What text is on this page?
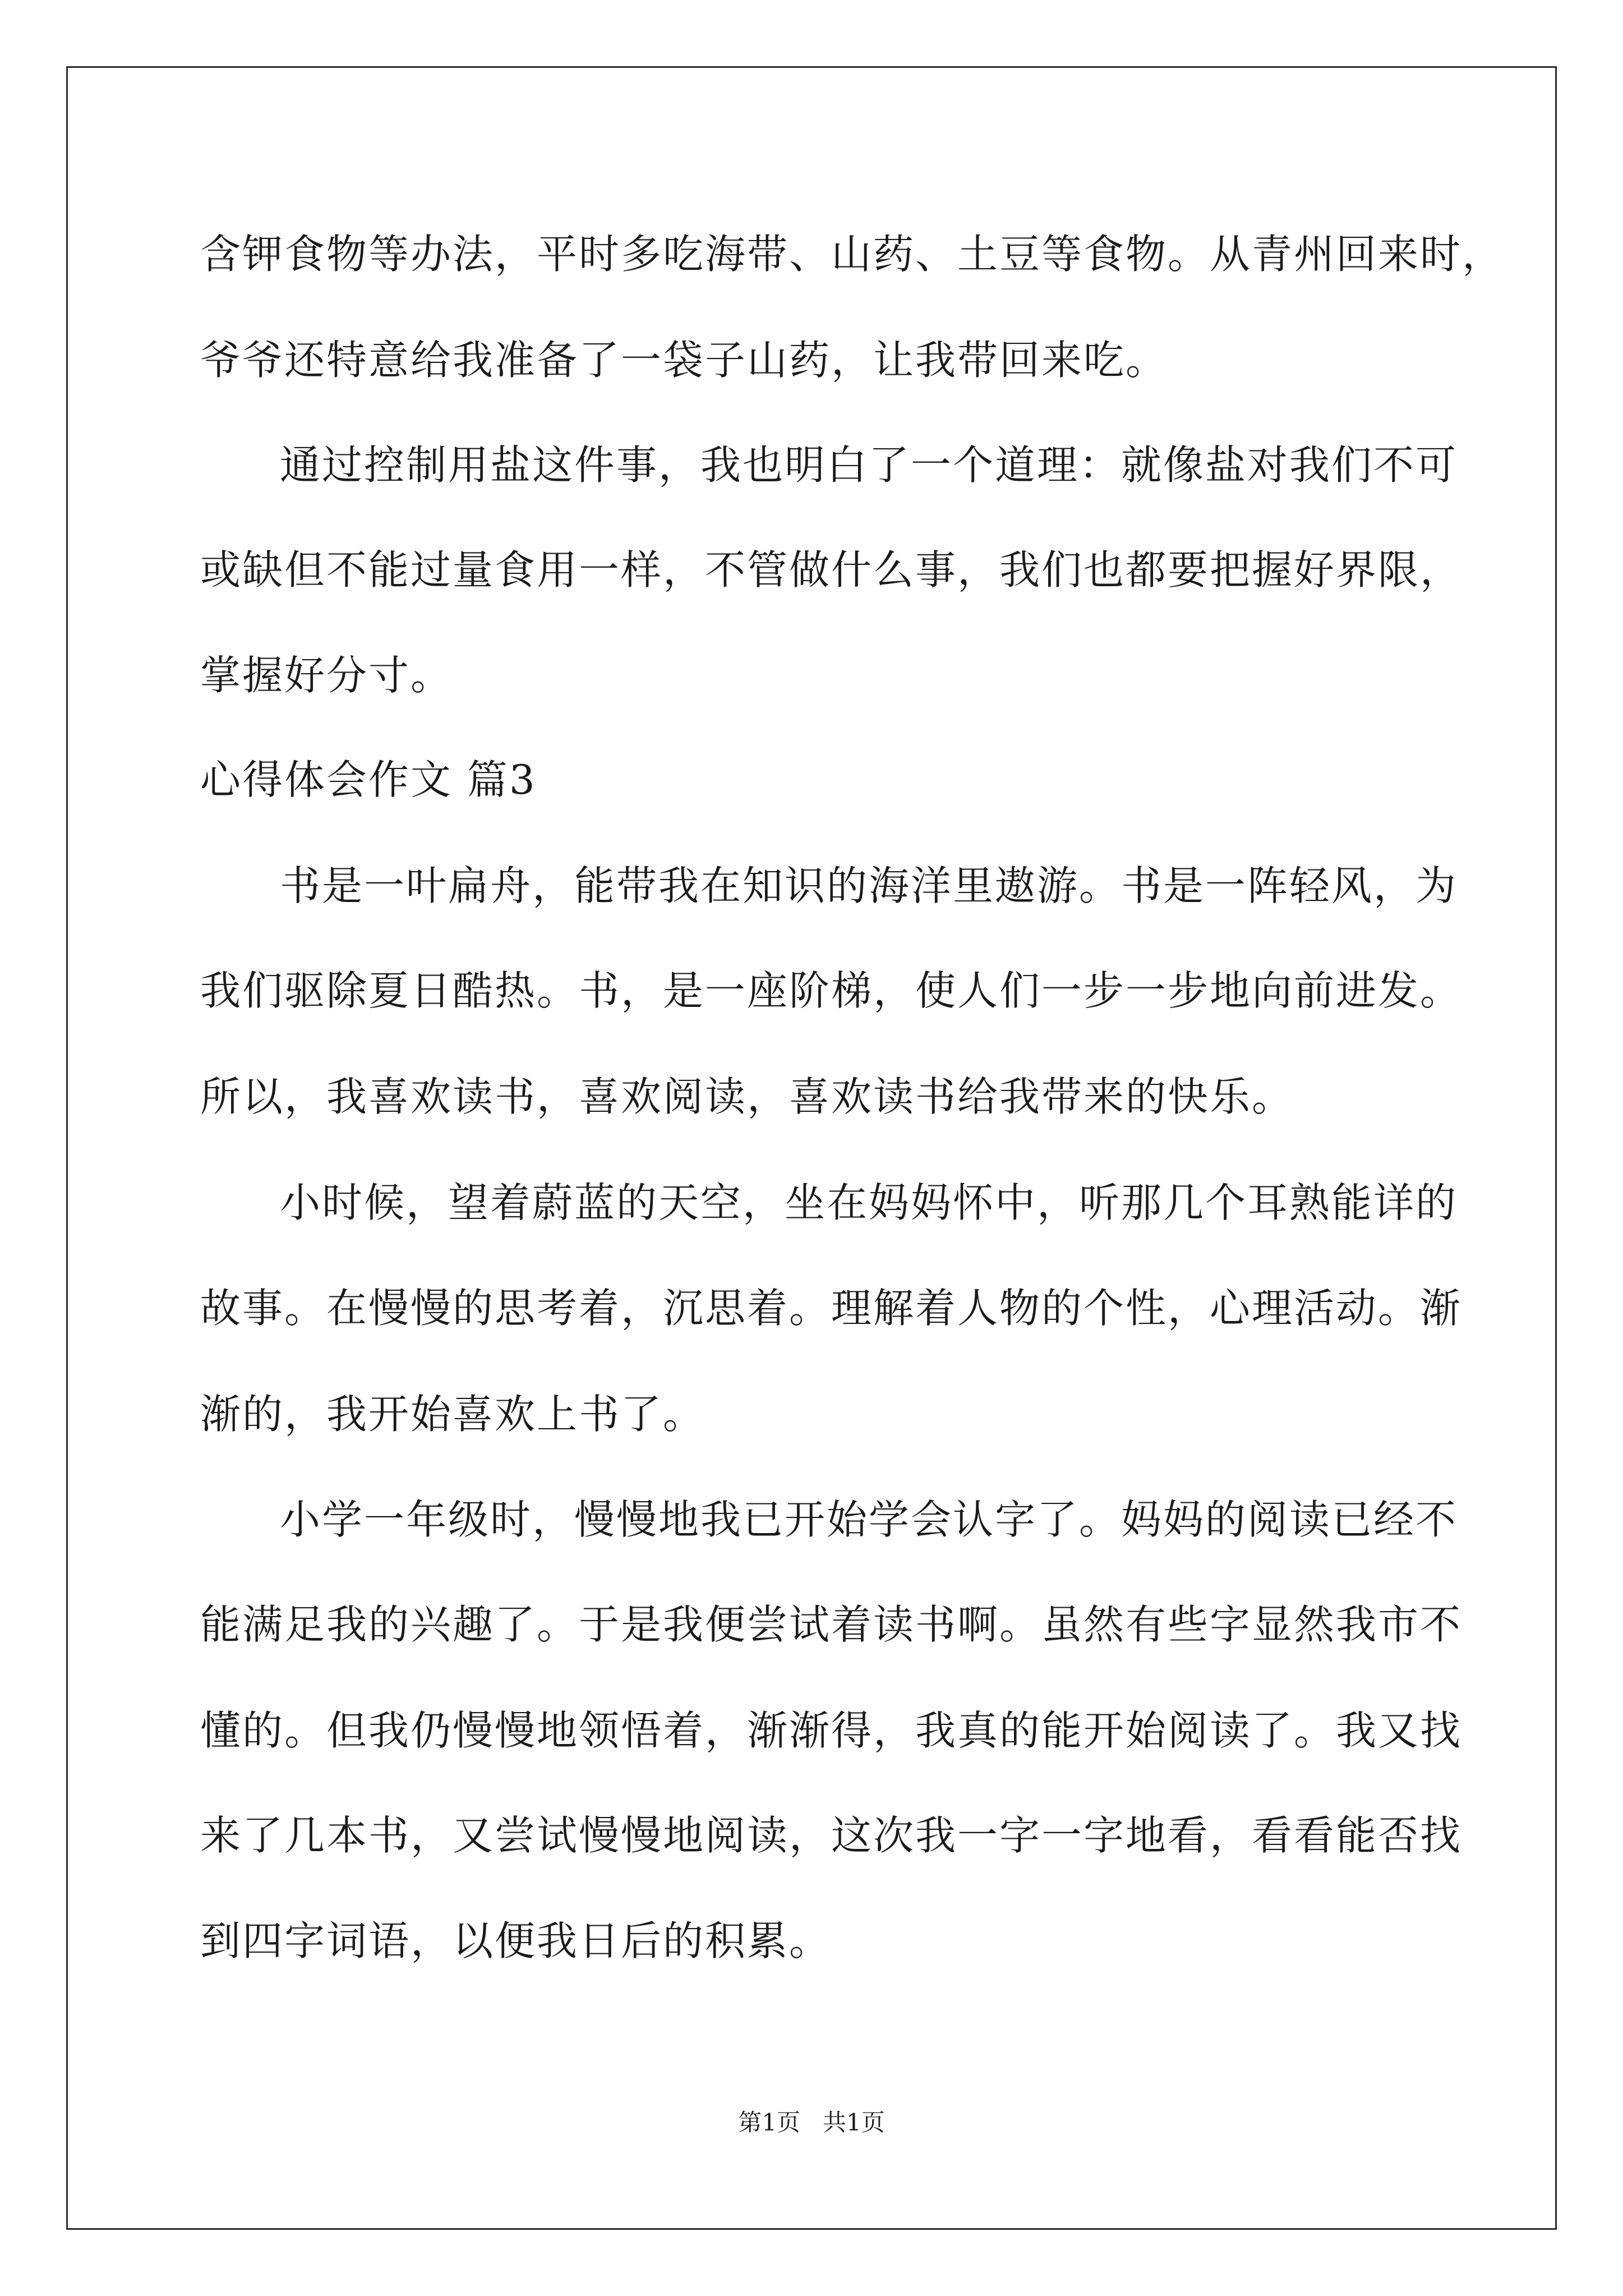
含钾食物等办法，平时多吃海带、山药、土豆等食物。从青州回来时，
爷爷还特意给我准备了一袋子山药，让我带回来吃。
通过控制用盐这件事，我也明白了一个道理：就像盐对我们不可
或缺但不能过量食用一样，不管做什么事，我们也都要把握好界限，
掌握好分寸。
心得体会作文 篇3
书是一叶扁舟，能带我在知识的海洋里遨游。书是一阵轻风，为
我们驱除夏日酷热。书，是一座阶梯，使人们一步一步地向前进发。
所以，我喜欢读书，喜欢阅读，喜欢读书给我带来的快乐。
小时候，望着蔚蓝的天空，坐在妈妈怀中，听那几个耳熟能详的
故事。在慢慢的思考着，沉思着。理解着人物的个性，心理活动。渐
渐的，我开始喜欢上书了。
小学一年级时，慢慢地我已开始学会认字了。妈妈的阅读已经不
能满足我的兴趣了。于是我便尝试着读书啊。虽然有些字显然我市不
懂的。但我仍慢慢地领悟着，渐渐得，我真的能开始阅读了。我又找
来了几本书，又尝试慢慢地阅读，这次我一字一字地看，看看能否找
到四字词语，以便我日后的积累。
第1页   共1页
